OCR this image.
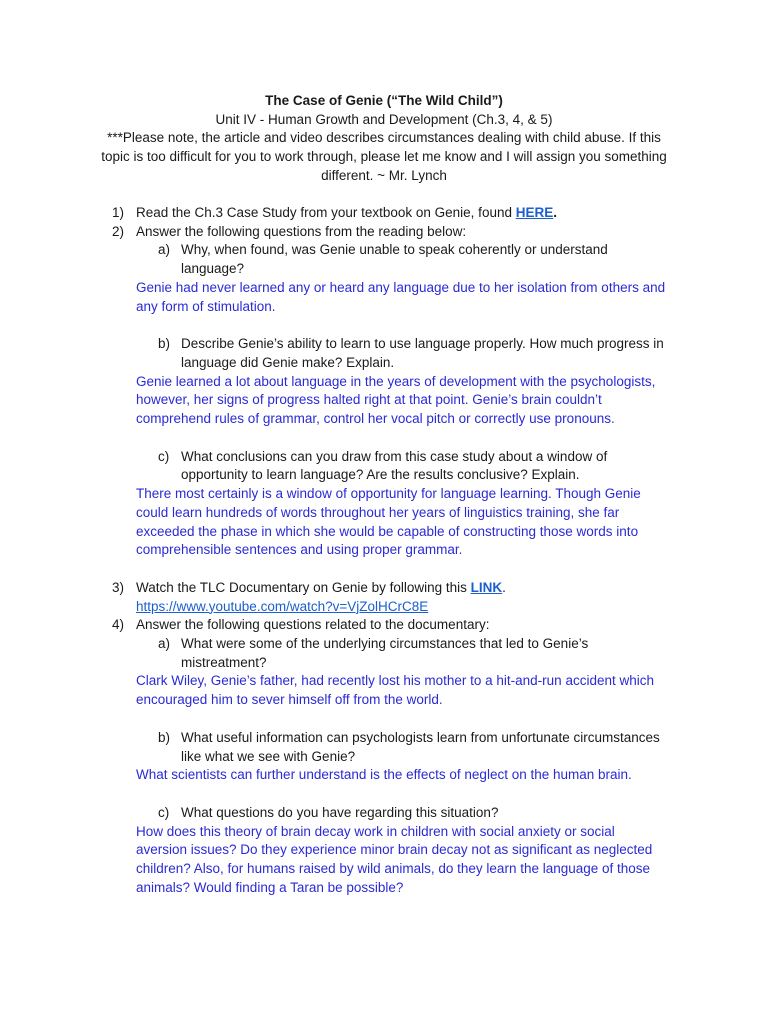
The Case of Genie (“The Wild Child”)

Unit IV - Human Growth and Development (Ch.3, 4, & 5)

***Please note, the article and video describes circumstances dealing with child abuse. If this

topic is too difficult for you to work through, please let me know and I will assign you something

different. ~ Mr. Lynch

1) Read the Ch.3 Case Study from your textbook on Genie, found HERE.
2) Answer the following questions from the reading below:
a) Why, when found, was Genie unable to speak coherently or understand
language?
Genie had never learned any or heard any language due to her isolation from others and
any form of stimulation.
b) Describe Genie’s ability to learn to use language properly. How much progress in
language did Genie make? Explain.
Genie learned a lot about language in the years of development with the psychologists,
however, her signs of progress halted right at that point. Genie’s brain couldn’t
comprehend rules of grammar, control her vocal pitch or correctly use pronouns.
c) What conclusions can you draw from this case study about a window of
opportunity to learn language? Are the results conclusive? Explain.
There most certainly is a window of opportunity for language learning. Though Genie
could learn hundreds of words throughout her years of linguistics training, she far
exceeded the phase in which she would be capable of constructing those words into
comprehensible sentences and using proper grammar.
3) Watch the TLC Documentary on Genie by following this LINK.
https://www.youtube.com/watch?v=VjZolHCrC8E
4) Answer the following questions related to the documentary:
a) What were some of the underlying circumstances that led to Genie’s
mistreatment?
Clark Wiley, Genie’s father, had recently lost his mother to a hit-and-run accident which
encouraged him to sever himself off from the world.
b) What useful information can psychologists learn from unfortunate circumstances
like what we see with Genie?
What scientists can further understand is the effects of neglect on the human brain.
c) What questions do you have regarding this situation?
How does this theory of brain decay work in children with social anxiety or social
aversion issues? Do they experience minor brain decay not as significant as neglected
children? Also, for humans raised by wild animals, do they learn the language of those
animals? Would finding a Taran be possible?
